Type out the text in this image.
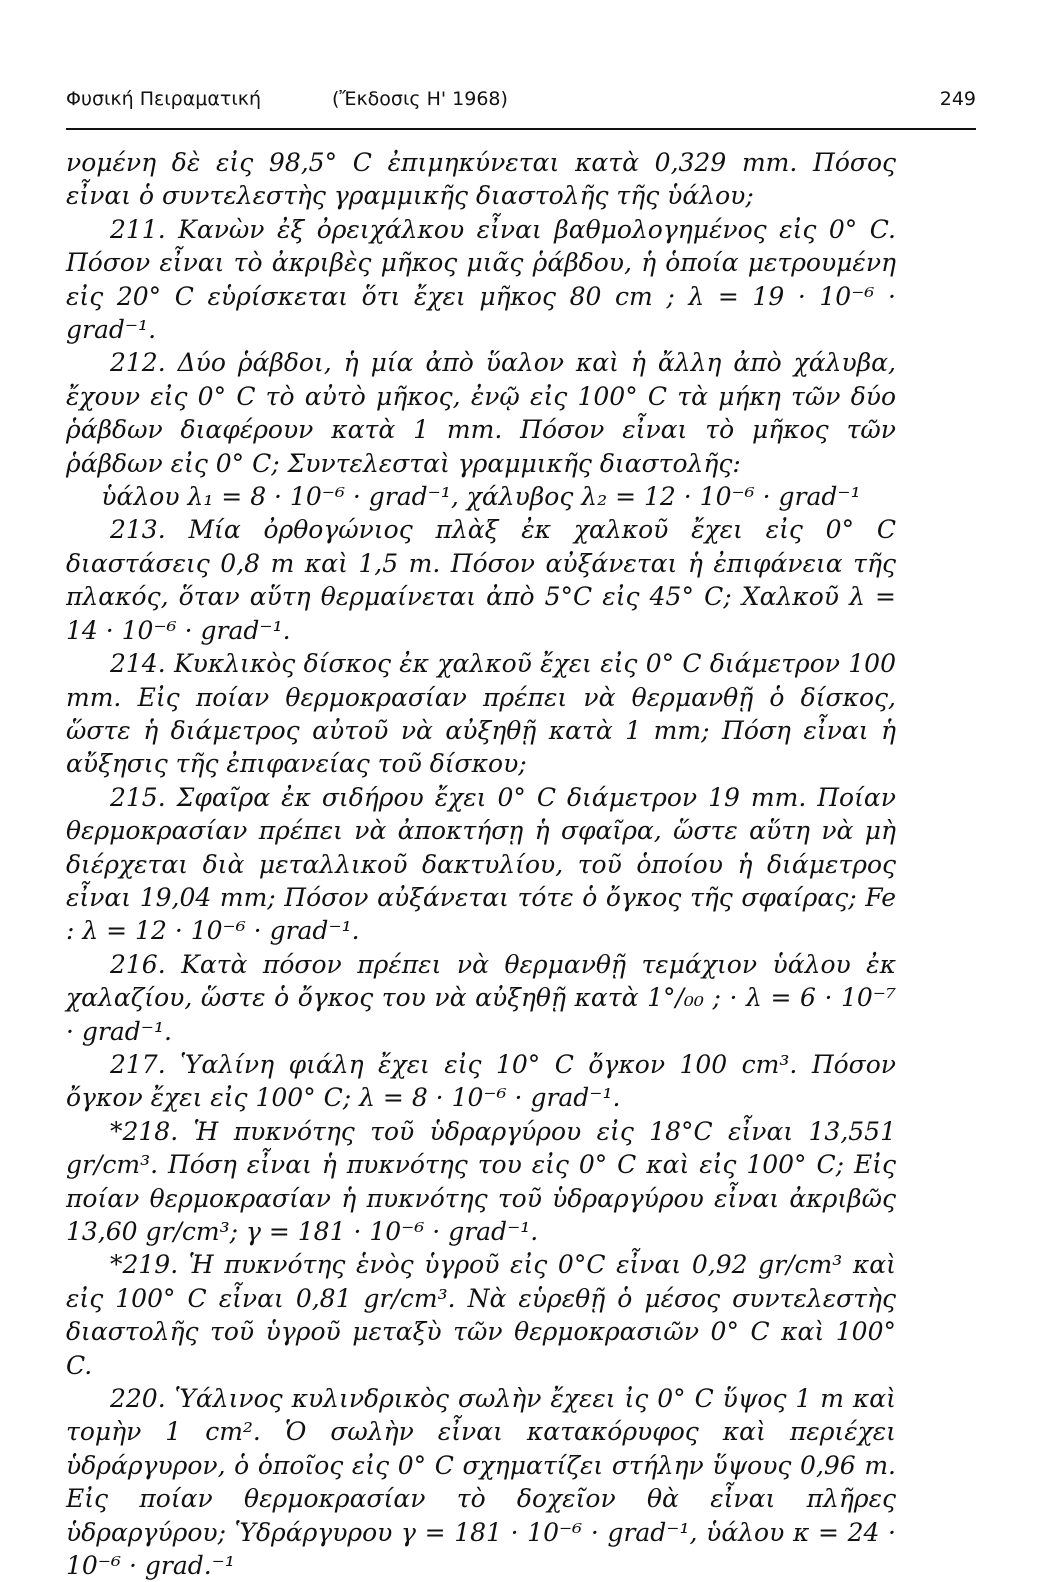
Φυσική Πειραματική	(Ἔκδοσις Η' 1968)	249

νομένη δὲ εἰς 98,5° C ἐπιμηκύνεται κατὰ 0,329 mm. Πόσος εἶναι ὁ συντελεστὴς γραμμικῆς διαστολῆς τῆς ὑάλου;

211. Κανὼν ἐξ ὀρειχάλκου εἶναι βαθμολογημένος εἰς 0° C. Πόσον εἶναι τὸ ἀκριβὲς μῆκος μιᾶς ῥάβδου, ἡ ὁποία μετρουμένη εἰς 20° C εὑρίσκεται ὅτι ἔχει μῆκος 80 cm ; λ = 19 · 10⁻⁶ · grad⁻¹.

212. Δύο ῥάβδοι, ἡ μία ἀπὸ ὕαλον καὶ ἡ ἄλλη ἀπὸ χάλυβα, ἔχουν εἰς 0° C τὸ αὐτὸ μῆκος, ἐνῷ εἰς 100° C τὰ μήκη τῶν δύο ῥάβδων διαφέρουν κατὰ 1 mm. Πόσον εἶναι τὸ μῆκος τῶν ῥάβδων εἰς 0° C; Συντελεσταὶ γραμμικῆς διαστολῆς:

ὑάλου λ₁ = 8 · 10⁻⁶ · grad⁻¹, χάλυβος λ₂ = 12 · 10⁻⁶ · grad⁻¹

213. Μία ὀρθογώνιος πλὰξ ἐκ χαλκοῦ ἔχει εἰς 0° C διαστάσεις 0,8 m καὶ 1,5 m. Πόσον αὐξάνεται ἡ ἐπιφάνεια τῆς πλακός, ὅταν αὕτη θερμαίνεται ἀπὸ 5°C εἰς 45° C; Χαλκοῦ λ = 14 · 10⁻⁶ · grad⁻¹.

214. Κυκλικὸς δίσκος ἐκ χαλκοῦ ἔχει εἰς 0° C διάμετρον 100 mm. Εἰς ποίαν θερμοκρασίαν πρέπει νὰ θερμανθῇ ὁ δίσκος, ὥστε ἡ διάμετρος αὐτοῦ νὰ αὐξηθῇ κατὰ 1 mm; Πόση εἶναι ἡ αὔξησις τῆς ἐπιφανείας τοῦ δίσκου;

215. Σφαῖρα ἐκ σιδήρου ἔχει 0° C διάμετρον 19 mm. Ποίαν θερμοκρασίαν πρέπει νὰ ἀποκτήσῃ ἡ σφαῖρα, ὥστε αὕτη νὰ μὴ διέρχεται διὰ μεταλλικοῦ δακτυλίου, τοῦ ὁποίου ἡ διάμετρος εἶναι 19,04 mm; Πόσον αὐξάνεται τότε ὁ ὄγκος τῆς σφαίρας; Fe : λ = 12 · 10⁻⁶ · grad⁻¹.

216. Κατὰ πόσον πρέπει νὰ θερμανθῇ τεμάχιον ὑάλου ἐκ χαλαζίου, ὥστε ὁ ὄγκος του νὰ αὐξηθῇ κατὰ 1°/₀₀ ; · λ = 6 · 10⁻⁷ · grad⁻¹.

217. Ὑαλίνη φιάλη ἔχει εἰς 10° C ὄγκον 100 cm³. Πόσον ὄγκον ἔχει εἰς 100° C; λ = 8 · 10⁻⁶ · grad⁻¹.

*218. Ἡ πυκνότης τοῦ ὑδραργύρου εἰς 18°C εἶναι 13,551 gr/cm³. Πόση εἶναι ἡ πυκνότης του εἰς 0° C καὶ εἰς 100° C; Εἰς ποίαν θερμοκρασίαν ἡ πυκνότης τοῦ ὑδραργύρου εἶναι ἀκριβῶς 13,60 gr/cm³; γ = 181 · 10⁻⁶ · grad⁻¹.

*219. Ἡ πυκνότης ἑνὸς ὑγροῦ εἰς 0°C εἶναι 0,92 gr/cm³ καὶ εἰς 100° C εἶναι 0,81 gr/cm³. Νὰ εὑρεθῇ ὁ μέσος συντελεστὴς διαστολῆς τοῦ ὑγροῦ μεταξὺ τῶν θερμοκρασιῶν 0° C καὶ 100° C.

220. Ὑάλινος κυλινδρικὸς σωλὴν ἔχεει ἰς 0° C ὕψος 1 m καὶ τομὴν 1 cm². Ὁ σωλὴν εἶναι κατακόρυφος καὶ περιέχει ὑδράργυρον, ὁ ὁποῖος εἰς 0° C σχηματίζει στήλην ὕψους 0,96 m. Εἰς ποίαν θερμοκρασίαν τὸ δοχεῖον θὰ εἶναι πλῆρες ὑδραργύρου; Ὑδράργυρου γ = 181 · 10⁻⁶ · grad⁻¹, ὑάλου κ = 24 · 10⁻⁶ · grad.⁻¹
